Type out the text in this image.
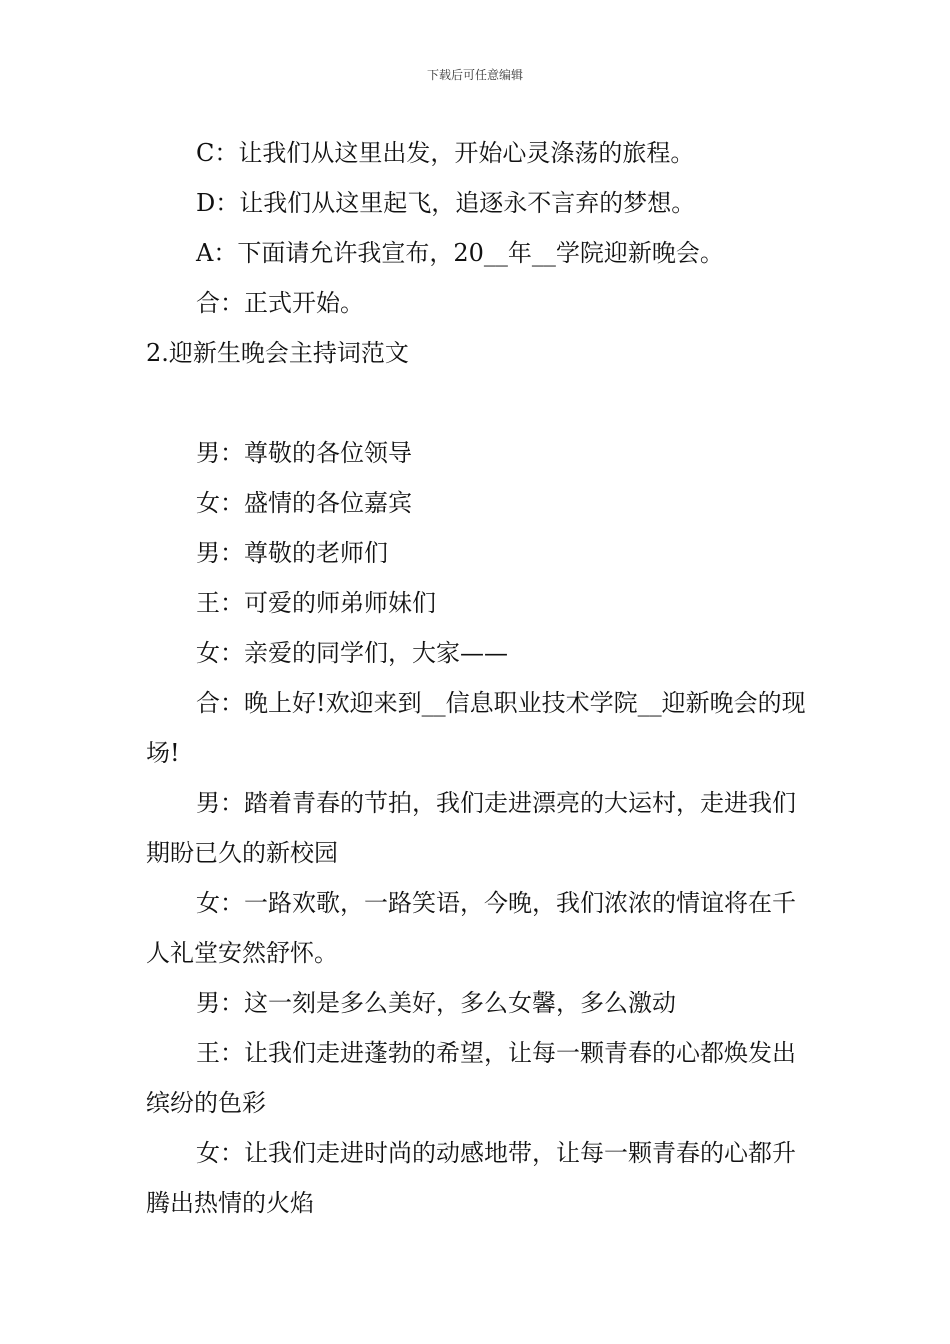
下载后可任意编辑

C：让我们从这里出发，开始心灵涤荡的旅程。

D：让我们从这里起飞，追逐永不言弃的梦想。

A：下面请允许我宣布，20__年__学院迎新晚会。

合：正式开始。

2.迎新生晚会主持词范文

男：尊敬的各位领导

女：盛情的各位嘉宾

男：尊敬的老师们

王：可爱的师弟师妹们

女：亲爱的同学们，大家——

合：晚上好!欢迎来到__信息职业技术学院__迎新晚会的现场!

男：踏着青春的节拍，我们走进漂亮的大运村，走进我们期盼已久的新校园

女：一路欢歌，一路笑语，今晚，我们浓浓的情谊将在千人礼堂安然舒怀。

男：这一刻是多么美好，多么女馨，多么激动

王：让我们走进蓬勃的希望，让每一颗青春的心都焕发出缤纷的色彩

女：让我们走进时尚的动感地带，让每一颗青春的心都升腾出热情的火焰
